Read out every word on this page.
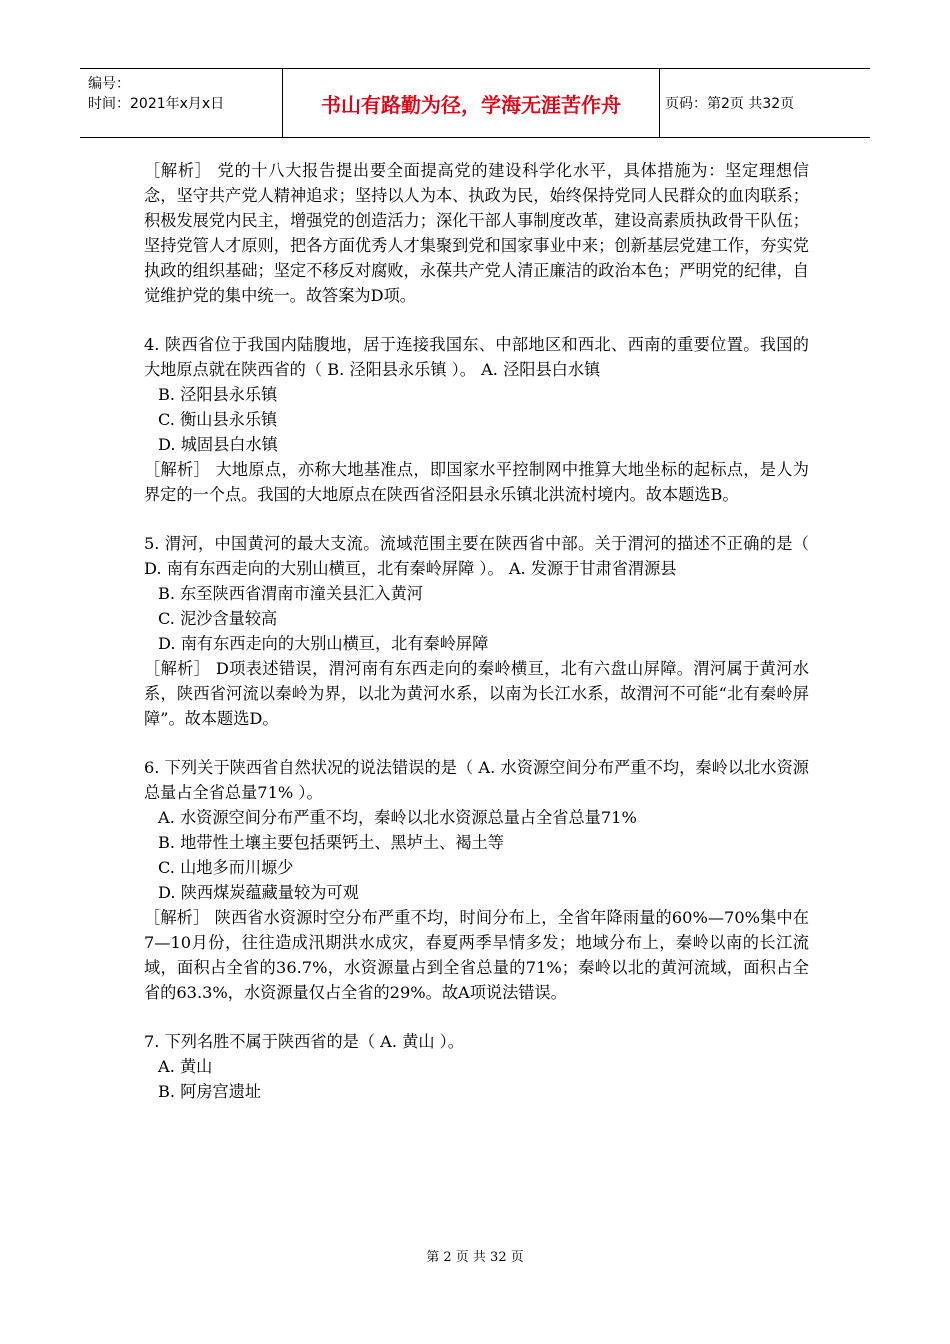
编号：
时间：2021年x月x日	书山有路勤为径，学海无涯苦作舟	页码：第2页 共32页

［解析］ 党的十八大报告提出要全面提高党的建设科学化水平，具体措施为：坚定理想信念，坚守共产党人精神追求；坚持以人为本、执政为民，始终保持党同人民群众的血肉联系；积极发展党内民主，增强党的创造活力；深化干部人事制度改革，建设高素质执政骨干队伍；坚持党管人才原则，把各方面优秀人才集聚到党和国家事业中来；创新基层党建工作，夯实党执政的组织基础；坚定不移反对腐败，永葆共产党人清正廉洁的政治本色；严明党的纪律，自觉维护党的集中统一。故答案为D项。

4. 陕西省位于我国内陆腹地，居于连接我国东、中部地区和西北、西南的重要位置。我国的大地原点就在陕西省的（ B. 泾阳县永乐镇 ）。 A. 泾阳县白水镇

B. 泾阳县永乐镇

C. 衡山县永乐镇

D. 城固县白水镇

［解析］ 大地原点，亦称大地基准点，即国家水平控制网中推算大地坐标的起标点，是人为界定的一个点。我国的大地原点在陕西省泾阳县永乐镇北洪流村境内。故本题选B。

5. 渭河，中国黄河的最大支流。流域范围主要在陕西省中部。关于渭河的描述不正确的是（ D. 南有东西走向的大别山横亘，北有秦岭屏障 ）。 A. 发源于甘肃省渭源县

B. 东至陕西省渭南市潼关县汇入黄河

C. 泥沙含量较高

D. 南有东西走向的大别山横亘，北有秦岭屏障

［解析］ D项表述错误，渭河南有东西走向的秦岭横亘，北有六盘山屏障。渭河属于黄河水系，陕西省河流以秦岭为界，以北为黄河水系，以南为长江水系，故渭河不可能“北有秦岭屏障”。故本题选D。

6. 下列关于陕西省自然状况的说法错误的是（ A. 水资源空间分布严重不均，秦岭以北水资源总量占全省总量71% ）。

A. 水资源空间分布严重不均，秦岭以北水资源总量占全省总量71%

B. 地带性土壤主要包括栗钙土、黑垆土、褐土等

C. 山地多而川塬少

D. 陕西煤炭蕴藏量较为可观

［解析］ 陕西省水资源时空分布严重不均，时间分布上，全省年降雨量的60%—70%集中在7—10月份，往往造成汛期洪水成灾，春夏两季旱情多发；地域分布上，秦岭以南的长江流域，面积占全省的36.7%，水资源量占到全省总量的71%；秦岭以北的黄河流域，面积占全省的63.3%，水资源量仅占全省的29%。故A项说法错误。

7. 下列名胜不属于陕西省的是（ A. 黄山 ）。

A. 黄山

B. 阿房宫遗址

第 2 页 共 32 页
